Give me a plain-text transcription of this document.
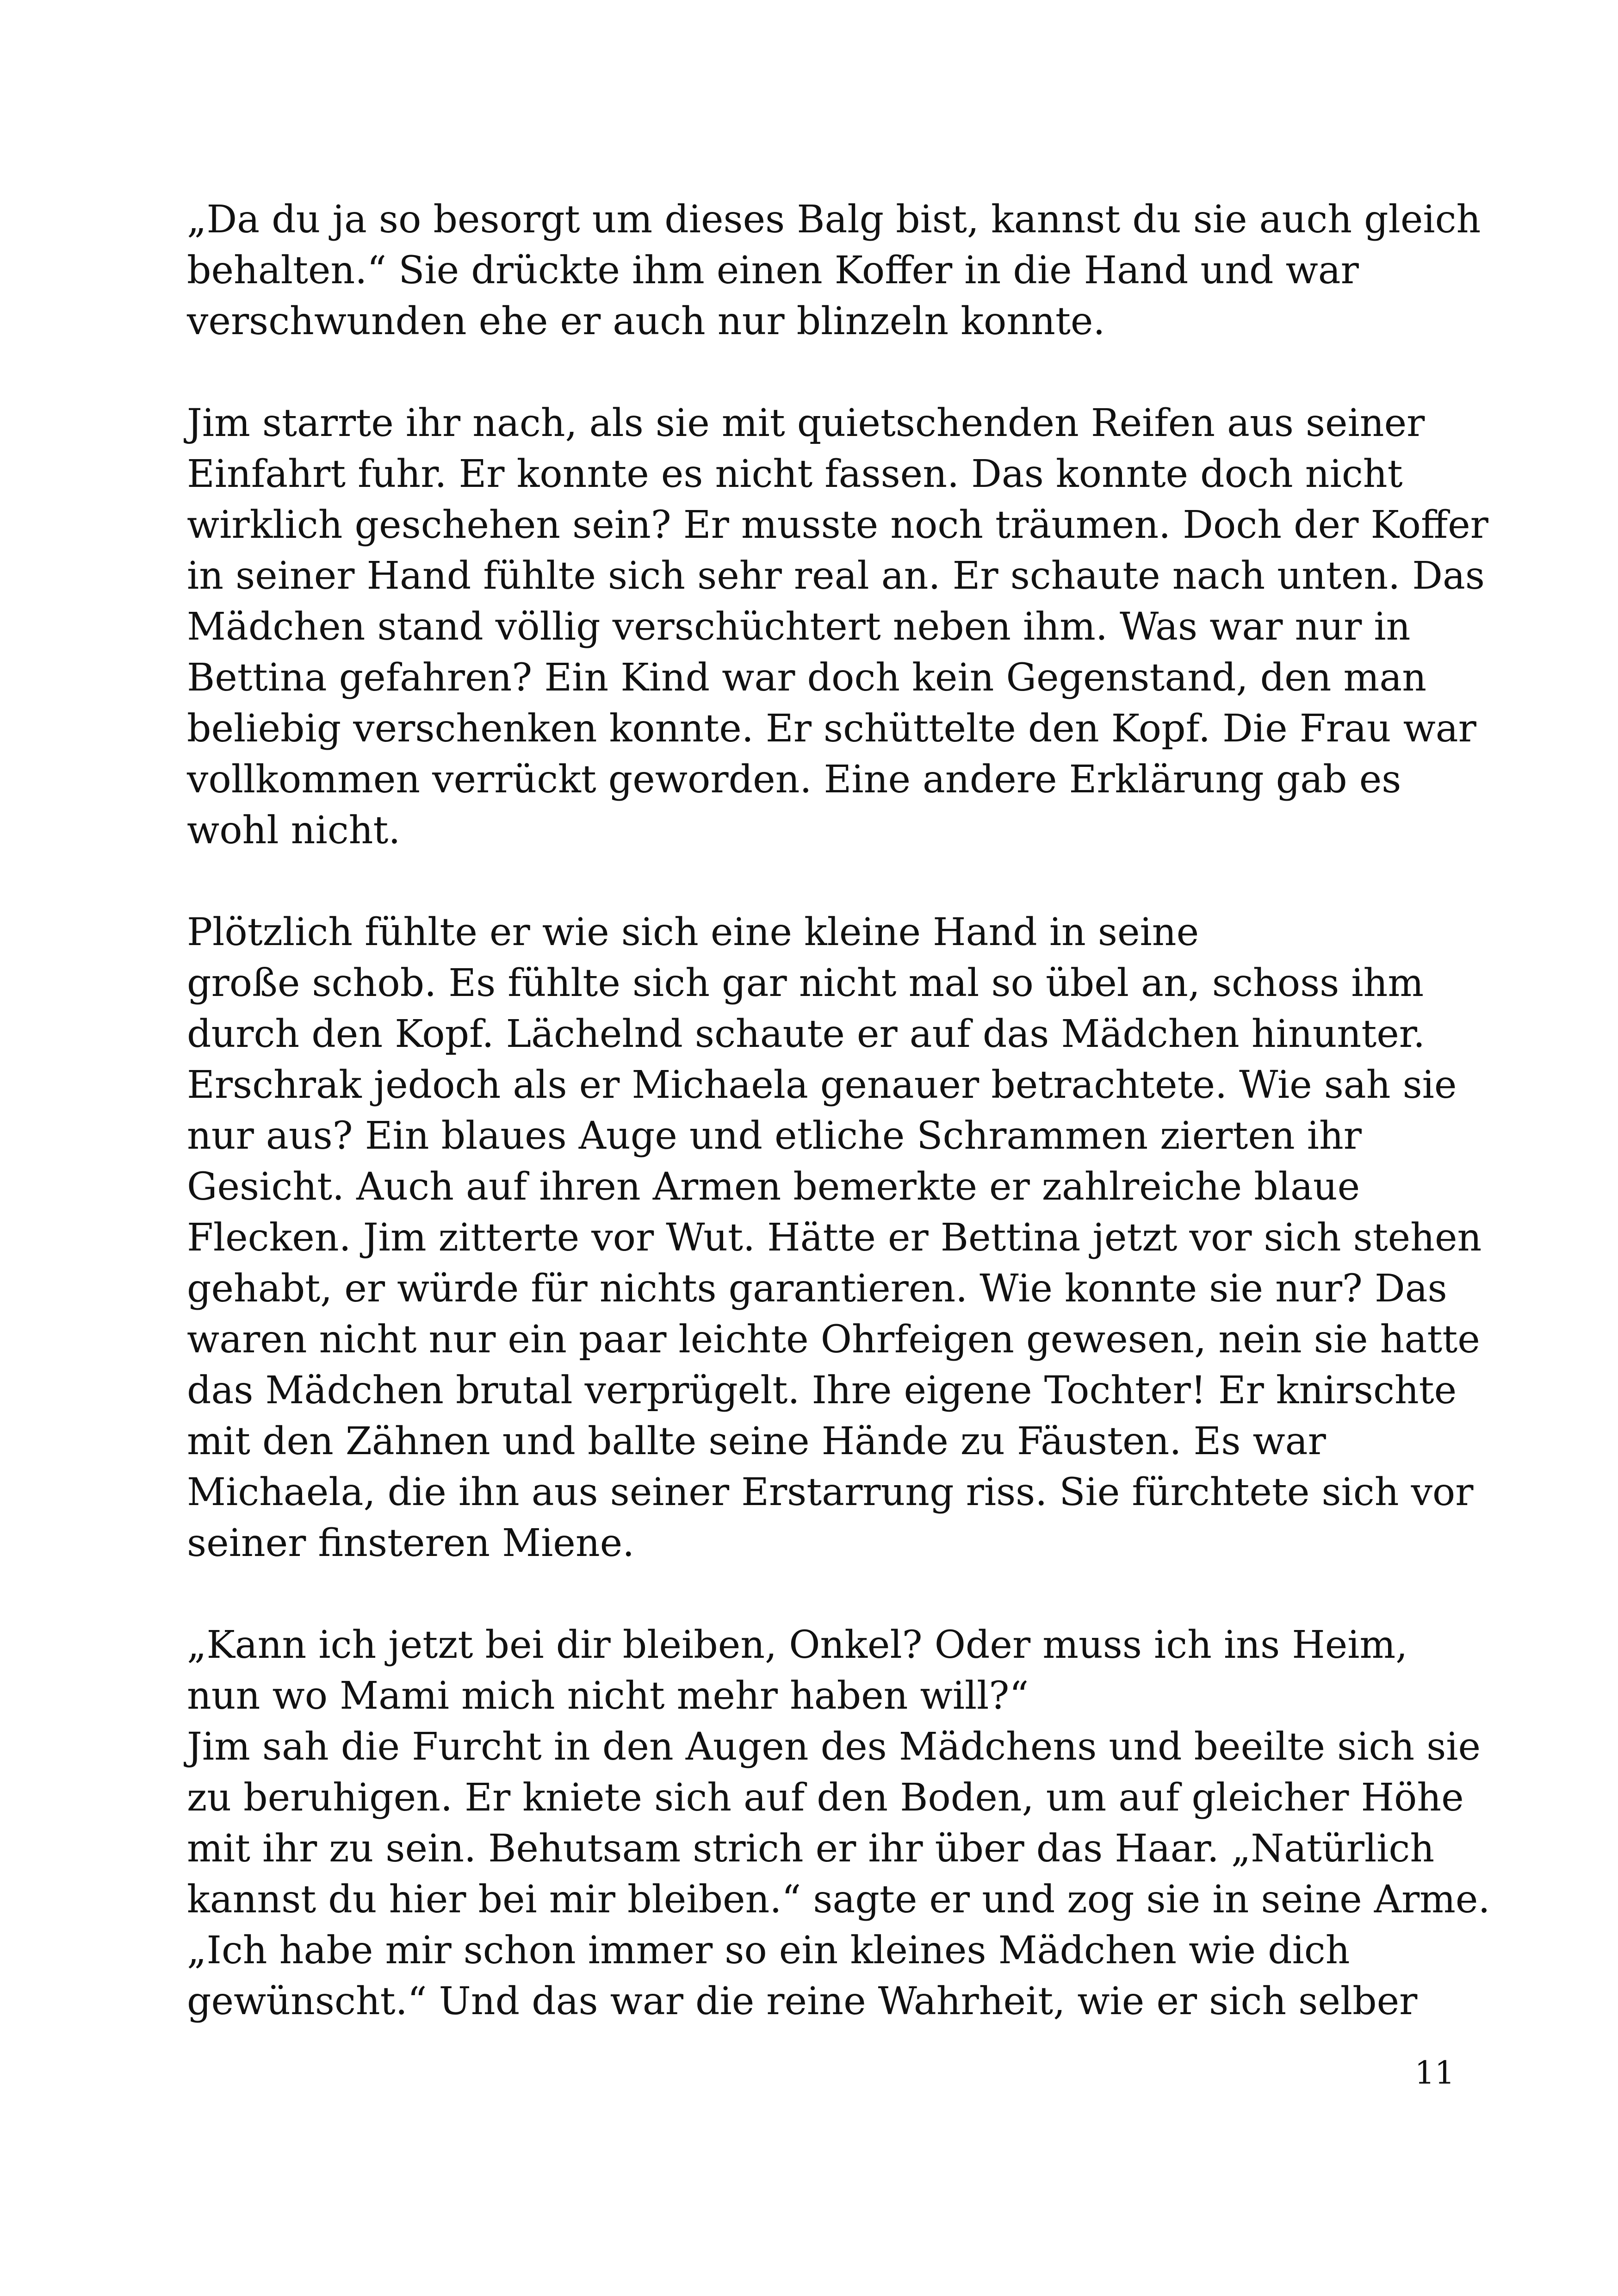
„Da du ja so besorgt um dieses Balg bist, kannst du sie auch gleich
behalten.“ Sie drückte ihm einen Koffer in die Hand und war
verschwunden ehe er auch nur blinzeln konnte.

Jim starrte ihr nach, als sie mit quietschenden Reifen aus seiner
Einfahrt fuhr. Er konnte es nicht fassen. Das konnte doch nicht
wirklich geschehen sein? Er musste noch träumen. Doch der Koffer
in seiner Hand fühlte sich sehr real an. Er schaute nach unten. Das
Mädchen stand völlig verschüchtert neben ihm. Was war nur in
Bettina gefahren? Ein Kind war doch kein Gegenstand, den man
beliebig verschenken konnte. Er schüttelte den Kopf. Die Frau war
vollkommen verrückt geworden. Eine andere Erklärung gab es
wohl nicht.

Plötzlich fühlte er wie sich eine kleine Hand in seine
große schob. Es fühlte sich gar nicht mal so übel an, schoss ihm
durch den Kopf. Lächelnd schaute er auf das Mädchen hinunter.
Erschrak jedoch als er Michaela genauer betrachtete. Wie sah sie
nur aus? Ein blaues Auge und etliche Schrammen zierten ihr
Gesicht. Auch auf ihren Armen bemerkte er zahlreiche blaue
Flecken. Jim zitterte vor Wut. Hätte er Bettina jetzt vor sich stehen
gehabt, er würde für nichts garantieren. Wie konnte sie nur? Das
waren nicht nur ein paar leichte Ohrfeigen gewesen, nein sie hatte
das Mädchen brutal verprügelt. Ihre eigene Tochter! Er knirschte
mit den Zähnen und ballte seine Hände zu Fäusten. Es war
Michaela, die ihn aus seiner Erstarrung riss. Sie fürchtete sich vor
seiner finsteren Miene.

„Kann ich jetzt bei dir bleiben, Onkel? Oder muss ich ins Heim,
nun wo Mami mich nicht mehr haben will?“
Jim sah die Furcht in den Augen des Mädchens und beeilte sich sie
zu beruhigen. Er kniete sich auf den Boden, um auf gleicher Höhe
mit ihr zu sein. Behutsam strich er ihr über das Haar. „Natürlich
kannst du hier bei mir bleiben.“ sagte er und zog sie in seine Arme.
„Ich habe mir schon immer so ein kleines Mädchen wie dich
gewünscht.“ Und das war die reine Wahrheit, wie er sich selber

11
